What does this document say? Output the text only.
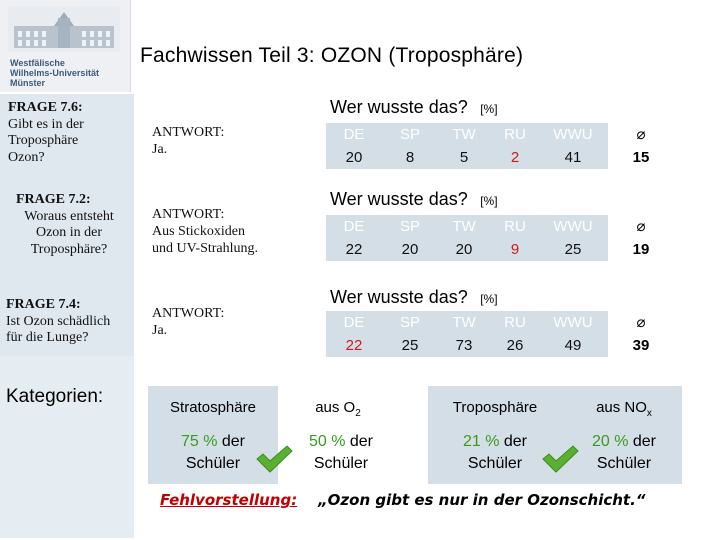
Westfälische
Wilhelms-Universität
Münster
Fachwissen Teil 3: OZON (Troposphäre)
FRAGE 7.6:
Gibt es in der
Troposphäre
Ozon?
FRAGE 7.2:
Woraus entsteht
Ozon in der
Troposphäre?
FRAGE 7.4:
Ist Ozon schädlich
für die Lunge?
ANTWORT:
Ja.
ANTWORT:
Aus Stickoxiden
und UV-Strahlung.
ANTWORT:
Ja.
Wer wusste das? [%]
DE	SP	TW	RU	WWU	⌀
20	8	5	2	41	15
Wer wusste das? [%]
DE	SP	TW	RU	WWU	⌀
22	20	20	9	25	19
Wer wusste das? [%]
DE	SP	TW	RU	WWU	⌀
22	25	73	26	49	39
Kategorien:
Stratosphäre	aus $O_2$	Troposphäre	aus $NO_x$
75 % der
Schüler
50 % der
Schüler
21 % der
Schüler
20 % der
Schüler
Fehlvorstellung: „Ozon gibt es nur in der Ozonschicht.“
